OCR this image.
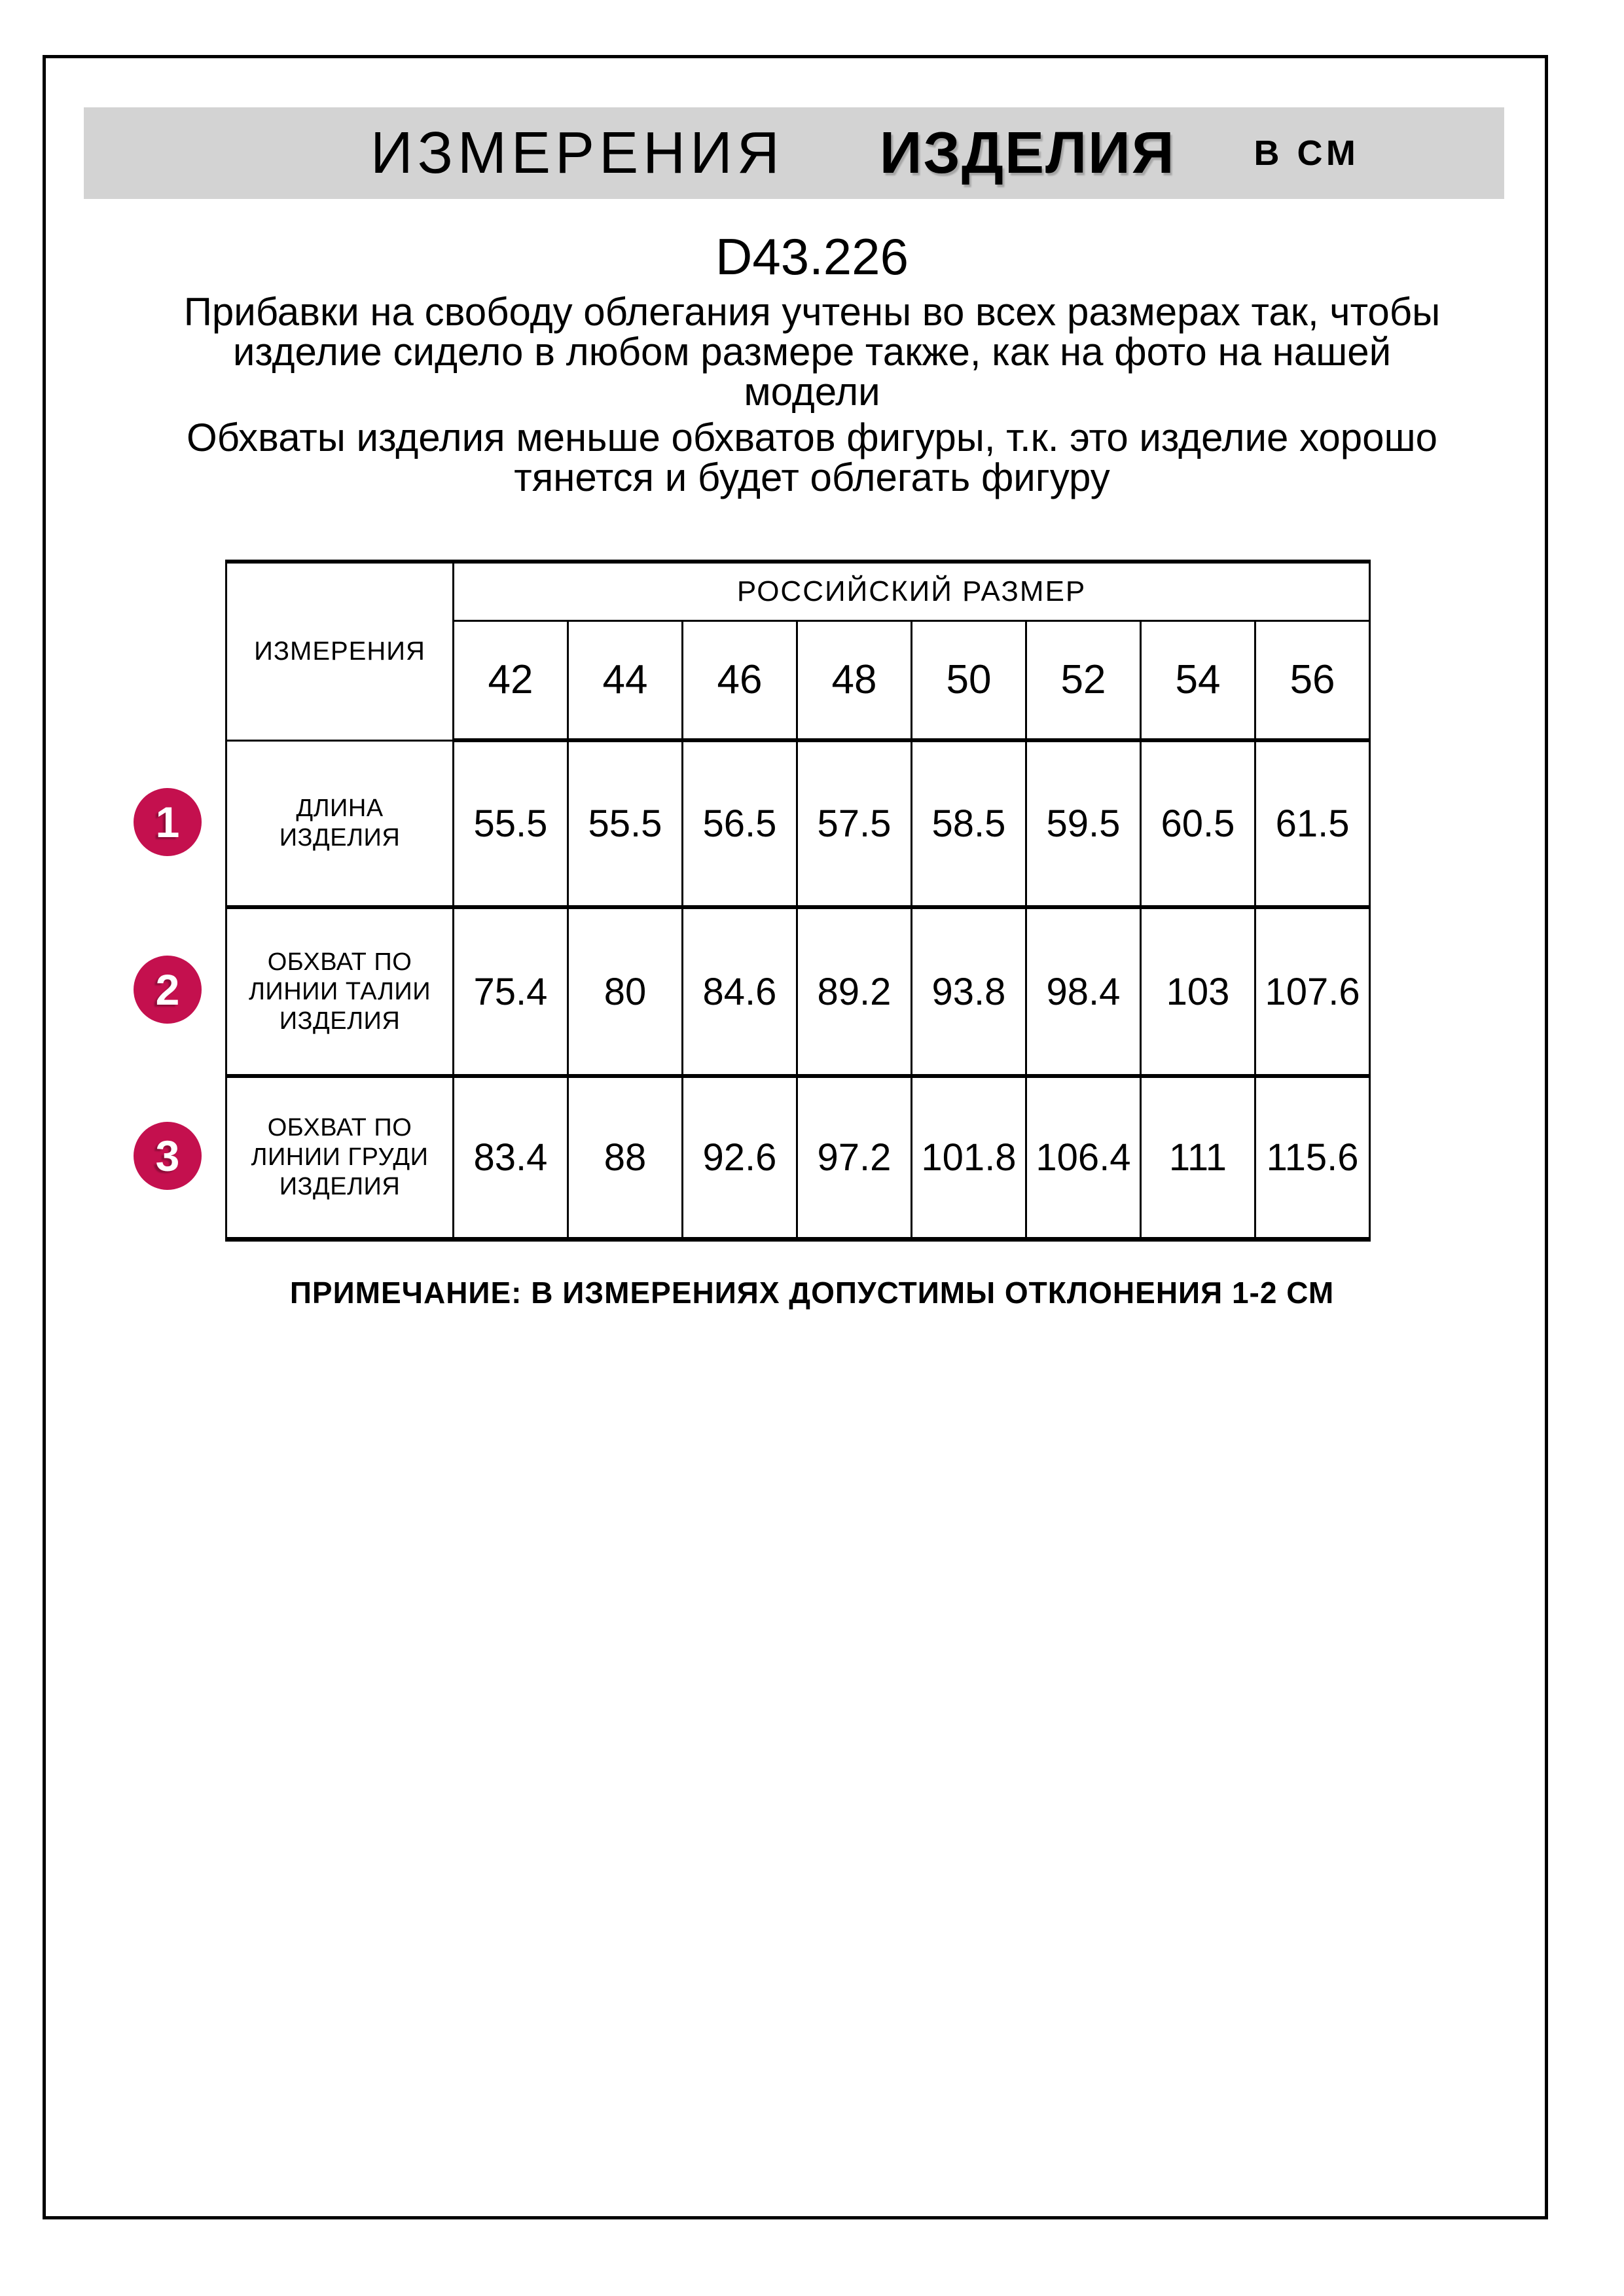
ИЗМЕРЕНИЯ ИЗДЕЛИЯ В СМ
D43.226
Прибавки на свободу облегания учтены во всех размерах так, чтобы
изделие сидело в любом размере также, как на фото на нашей
модели
Обхваты изделия меньше обхватов фигуры, т.к. это изделие хорошо
тянется и будет облегать фигуру
ИЗМЕРЕНИЯ	РОССИЙСКИЙ РАЗМЕР							
	42	44	46	48	50	52	54	56
ДЛИНА
ИЗДЕЛИЯ	55.5	55.5	56.5	57.5	58.5	59.5	60.5	61.5
ОБХВАТ ПО
ЛИНИИ ТАЛИИ
ИЗДЕЛИЯ	75.4	80	84.6	89.2	93.8	98.4	103	107.6
ОБХВАТ ПО
ЛИНИИ ГРУДИ
ИЗДЕЛИЯ	83.4	88	92.6	97.2	101.8	106.4	111	115.6
1
2
3
ПРИМЕЧАНИЕ: В ИЗМЕРЕНИЯХ ДОПУСТИМЫ ОТКЛОНЕНИЯ 1-2 СМ
